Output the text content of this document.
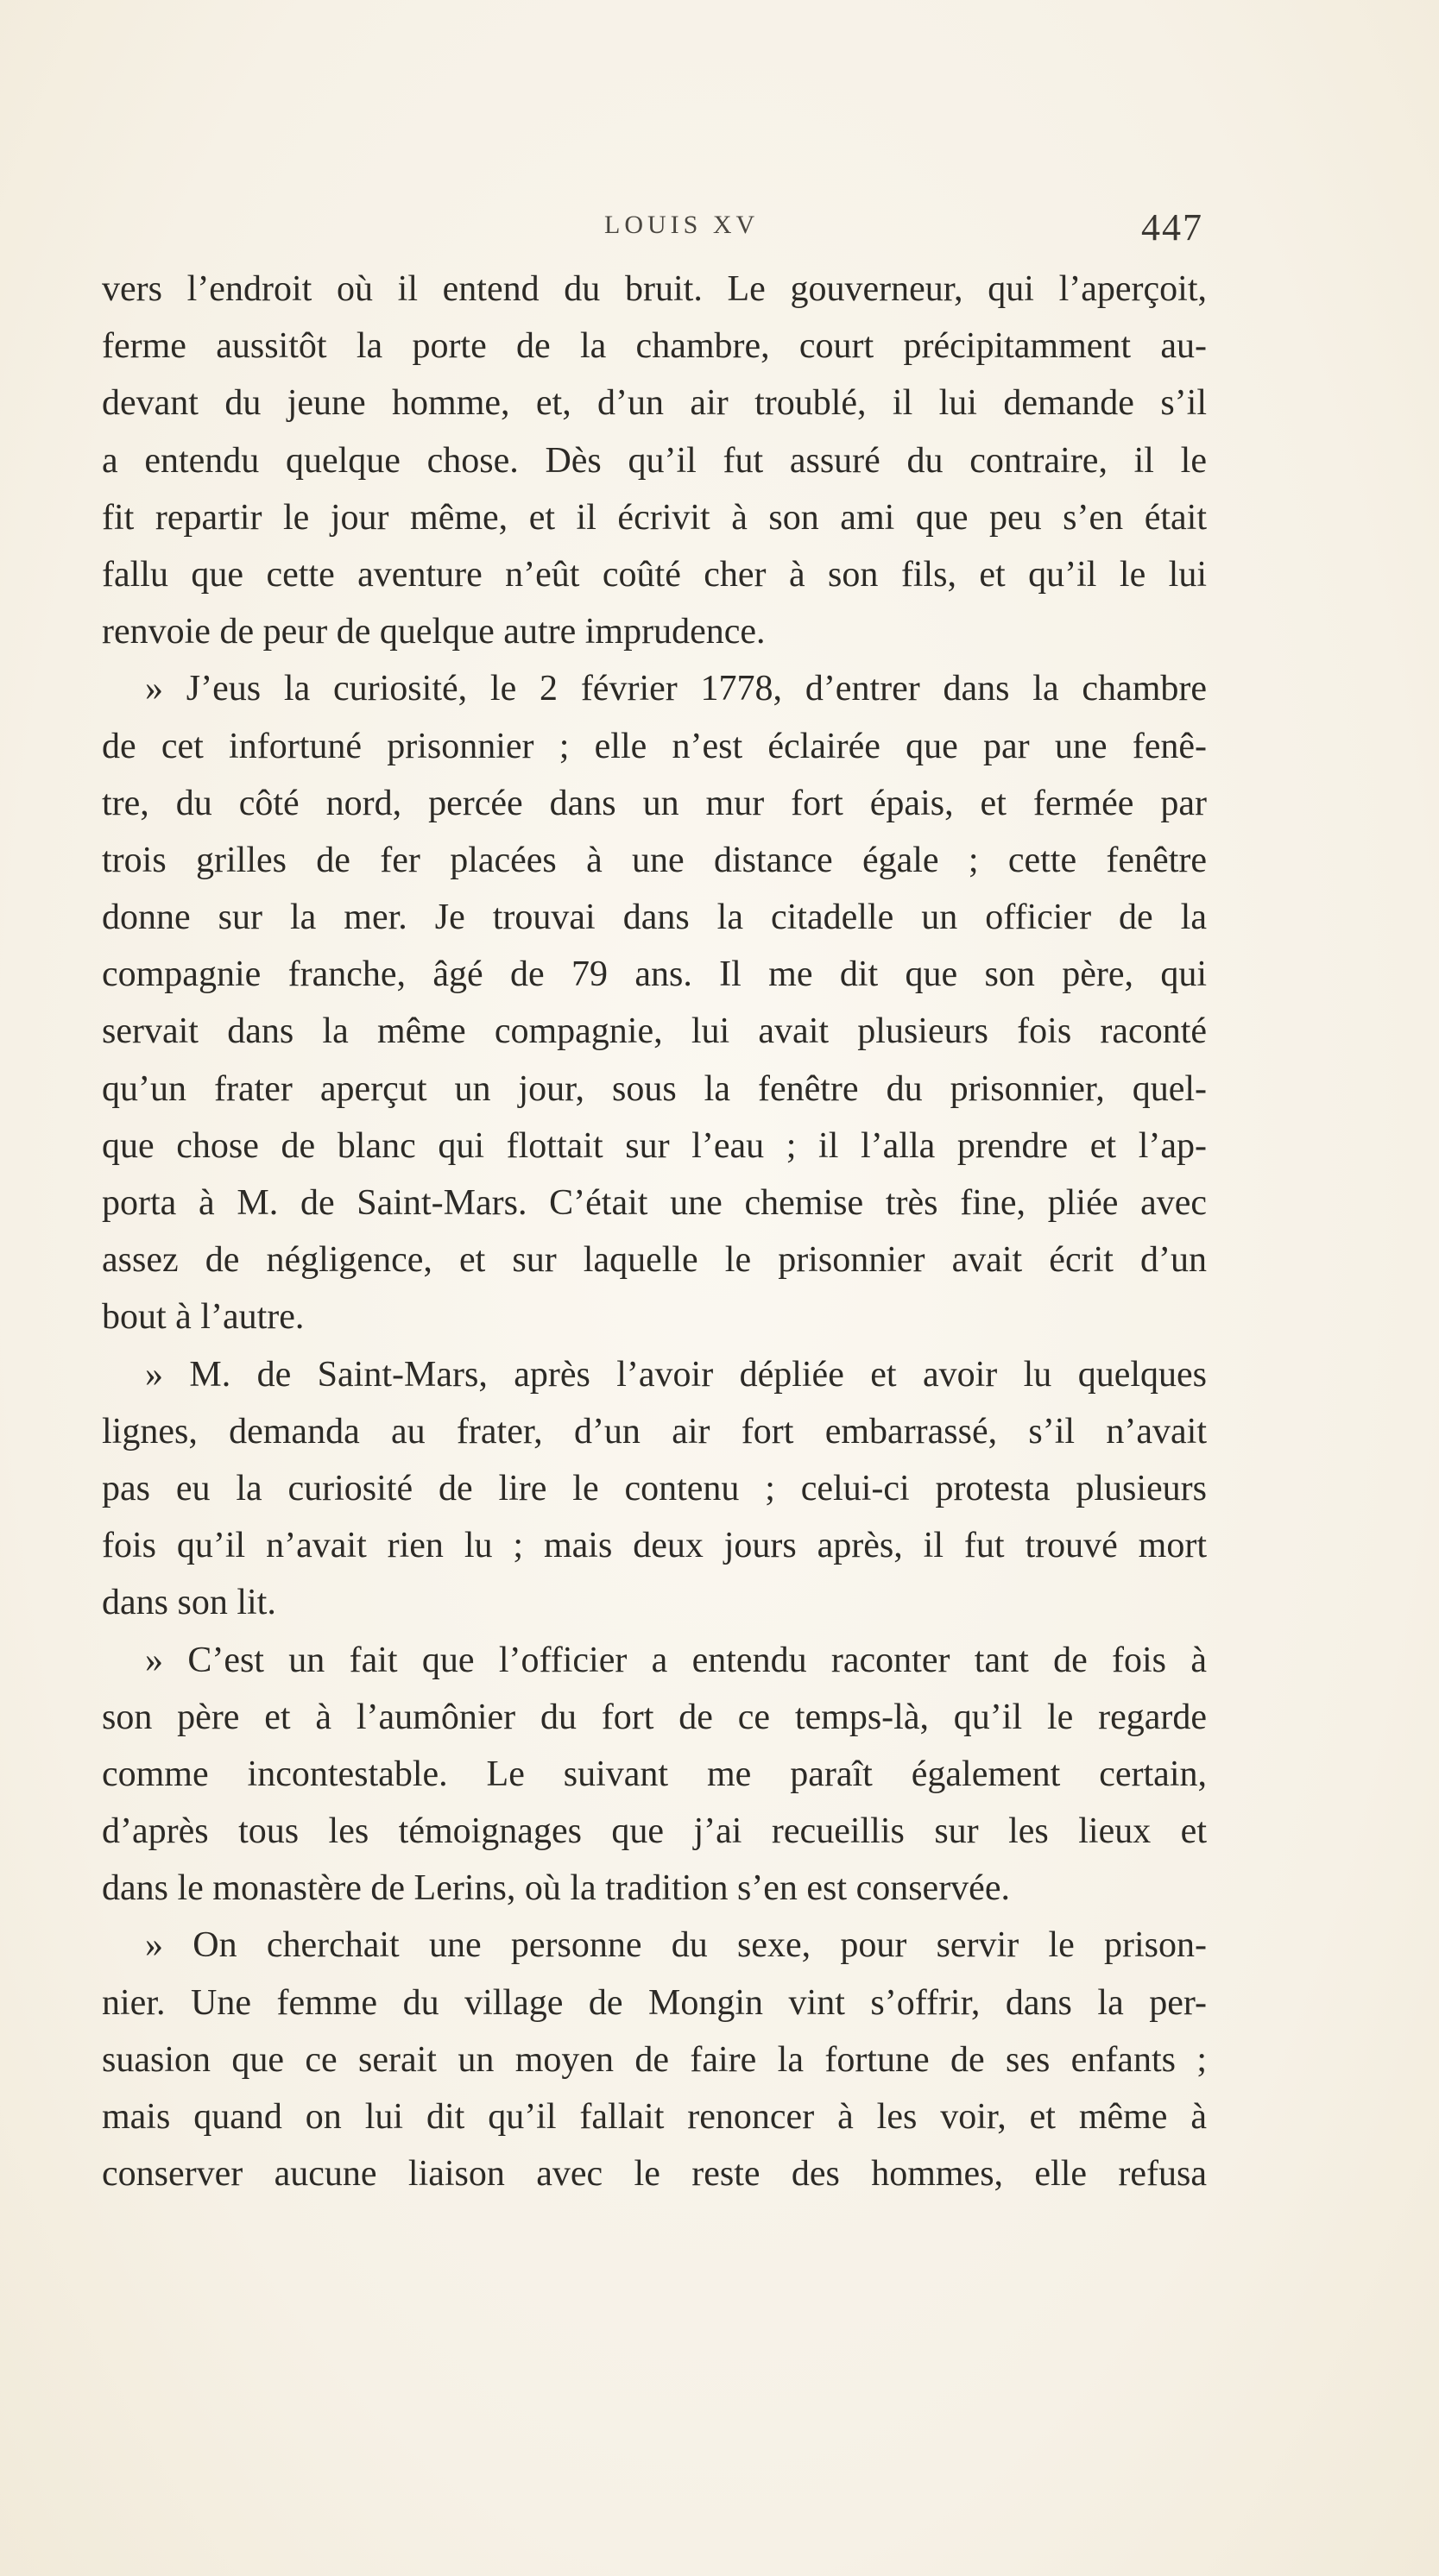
LOUIS XV	447
vers l’endroit où il entend du bruit. Le gouverneur, qui l’aperçoit,
ferme aussitôt la porte de la chambre, court précipitamment au-
devant du jeune homme, et, d’un air troublé, il lui demande s’il
a entendu quelque chose. Dès qu’il fut assuré du contraire, il le
fit repartir le jour même, et il écrivit à son ami que peu s’en était
fallu que cette aventure n’eût coûté cher à son fils, et qu’il le lui
renvoie de peur de quelque autre imprudence.
» J’eus la curiosité, le 2 février 1778, d’entrer dans la chambre
de cet infortuné prisonnier ; elle n’est éclairée que par une fenê-
tre, du côté nord, percée dans un mur fort épais, et fermée par
trois grilles de fer placées à une distance égale ; cette fenêtre
donne sur la mer. Je trouvai dans la citadelle un officier de la
compagnie franche, âgé de 79 ans. Il me dit que son père, qui
servait dans la même compagnie, lui avait plusieurs fois raconté
qu’un frater aperçut un jour, sous la fenêtre du prisonnier, quel-
que chose de blanc qui flottait sur l’eau ; il l’alla prendre et l’ap-
porta à M. de Saint-Mars. C’était une chemise très fine, pliée avec
assez de négligence, et sur laquelle le prisonnier avait écrit d’un
bout à l’autre.
» M. de Saint-Mars, après l’avoir dépliée et avoir lu quelques
lignes, demanda au frater, d’un air fort embarrassé, s’il n’avait
pas eu la curiosité de lire le contenu ; celui-ci protesta plusieurs
fois qu’il n’avait rien lu ; mais deux jours après, il fut trouvé mort
dans son lit.
» C’est un fait que l’officier a entendu raconter tant de fois à
son père et à l’aumônier du fort de ce temps-là, qu’il le regarde
comme incontestable. Le suivant me paraît également certain,
d’après tous les témoignages que j’ai recueillis sur les lieux et
dans le monastère de Lerins, où la tradition s’en est conservée.
» On cherchait une personne du sexe, pour servir le prison-
nier. Une femme du village de Mongin vint s’offrir, dans la per-
suasion que ce serait un moyen de faire la fortune de ses enfants ;
mais quand on lui dit qu’il fallait renoncer à les voir, et même à
conserver aucune liaison avec le reste des hommes, elle refusa
